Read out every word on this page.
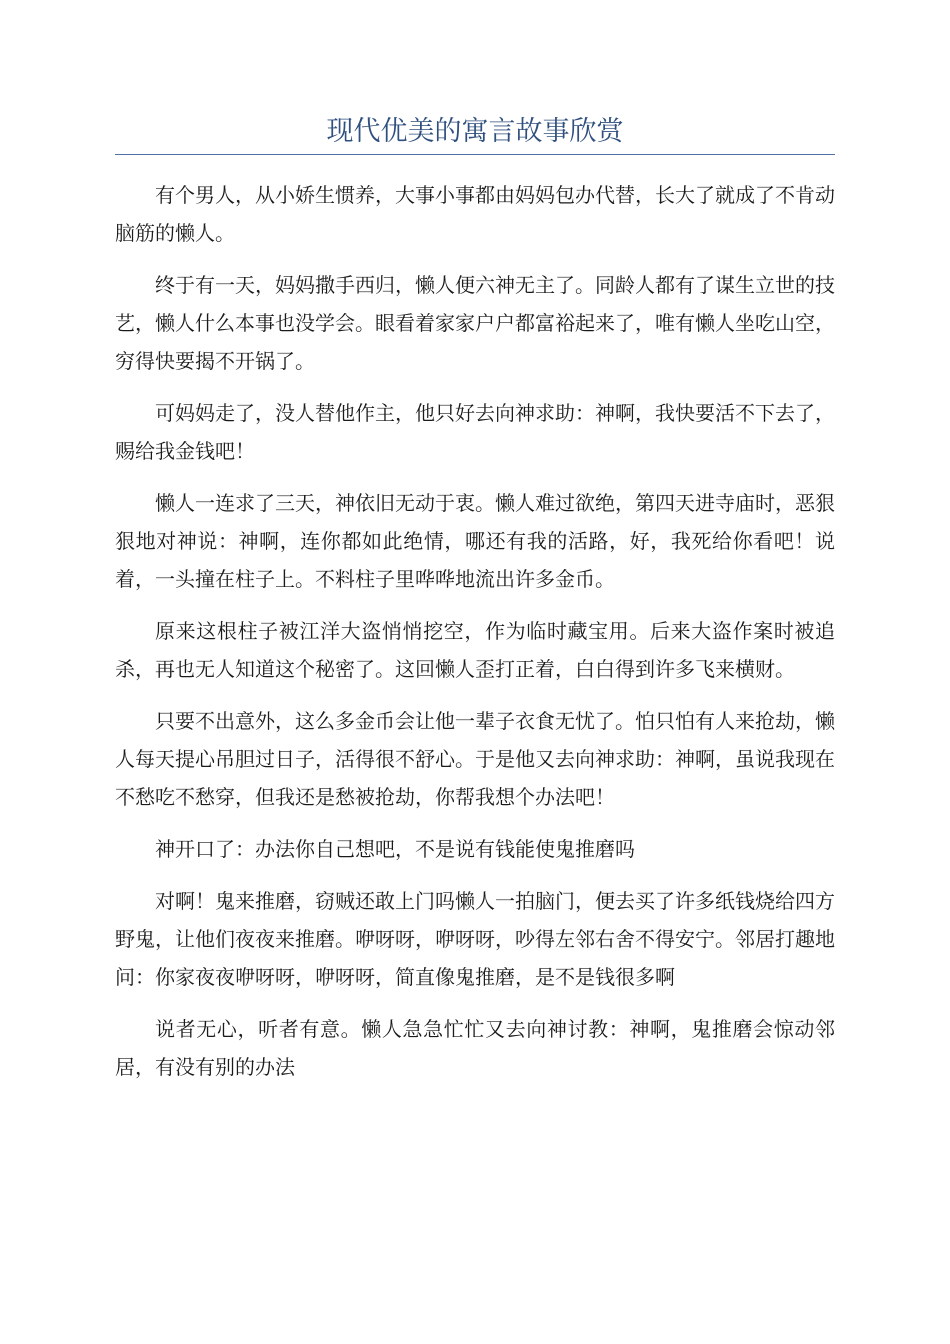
现代优美的寓言故事欣赏

有个男人，从小娇生惯养，大事小事都由妈妈包办代替，长大了就成了不肯动脑筋的懒人。

终于有一天，妈妈撒手西归，懒人便六神无主了。同龄人都有了谋生立世的技艺，懒人什么本事也没学会。眼看着家家户户都富裕起来了，唯有懒人坐吃山空，穷得快要揭不开锅了。

可妈妈走了，没人替他作主，他只好去向神求助：神啊，我快要活不下去了，赐给我金钱吧！

懒人一连求了三天，神依旧无动于衷。懒人难过欲绝，第四天进寺庙时，恶狠狠地对神说：神啊，连你都如此绝情，哪还有我的活路，好，我死给你看吧！说着，一头撞在柱子上。不料柱子里哗哗地流出许多金币。

原来这根柱子被江洋大盗悄悄挖空，作为临时藏宝用。后来大盗作案时被追杀，再也无人知道这个秘密了。这回懒人歪打正着，白白得到许多飞来横财。

只要不出意外，这么多金币会让他一辈子衣食无忧了。怕只怕有人来抢劫，懒人每天提心吊胆过日子，活得很不舒心。于是他又去向神求助：神啊，虽说我现在不愁吃不愁穿，但我还是愁被抢劫，你帮我想个办法吧！

神开口了：办法你自己想吧，不是说有钱能使鬼推磨吗

对啊！鬼来推磨，窃贼还敢上门吗懒人一拍脑门，便去买了许多纸钱烧给四方野鬼，让他们夜夜来推磨。咿呀呀，咿呀呀，吵得左邻右舍不得安宁。邻居打趣地问：你家夜夜咿呀呀，咿呀呀，简直像鬼推磨，是不是钱很多啊

说者无心，听者有意。懒人急急忙忙又去向神讨教：神啊，鬼推磨会惊动邻居，有没有别的办法
